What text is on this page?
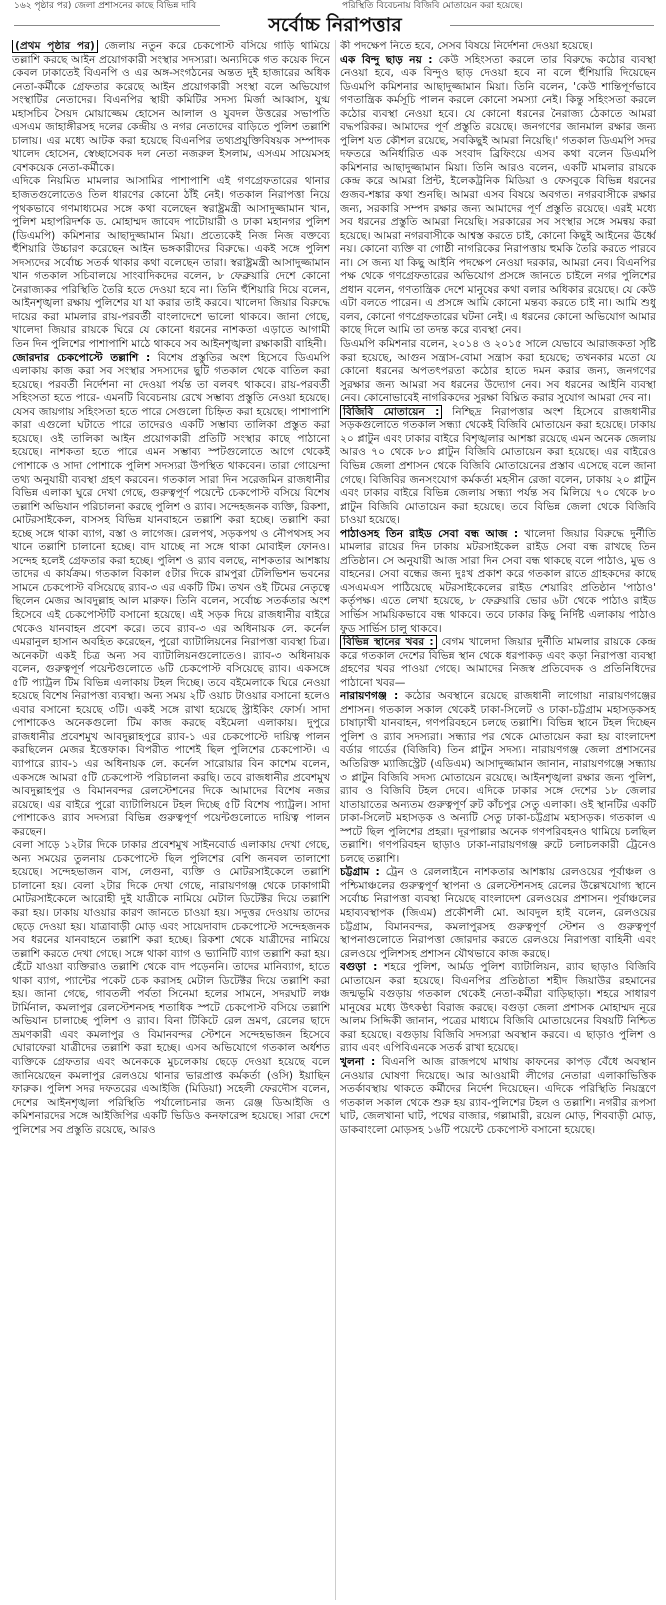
১৬২ পৃষ্ঠার পর) জেলা প্রশাসনের কাছে বিভিন্ন দাবি	পরিস্থিতি বিবেচনায় বিজিবি মোতায়েন করা হয়েছে।
সর্বোচ্চ নিরাপত্তার

(প্রথম পৃষ্ঠার পর) জেলায় নতুন করে চেকপোস্ট বসিয়ে গাড়ি থামিয়ে তল্লাশি করছে আইন প্রয়োগকারী সংস্থার সদস্যরা। অন্যদিকে গত কয়েক দিনে কেবল ঢাকাতেই বিএনপি ও এর অঙ্গ-সংগঠনের অন্তত দুই হাজারের অধিক নেতা-কর্মীকে গ্রেফতার করেছে আইন প্রয়োগকারী সংস্থা বলে অভিযোগ সংস্থাটির নেতাদের। বিএনপির স্থায়ী কমিটির সদস্য মির্জা আব্বাস, যুগ্ম মহাসচিব সৈয়দ মোয়াজ্জেম হোসেন আলাল ও যুবদল উত্তরের সভাপতি এসএম জাহাঙ্গীরসহ দলের কেন্দ্রীয় ও নগর নেতাদের বাড়িতে পুলিশ তল্লাশি চালায়। এর মধ্যে আটক করা হয়েছে বিএনপির তথ্যপ্রযুক্তিবিষয়ক সম্পাদক খালেদ হোসেন, স্বেচ্ছাসেবক দল নেতা নজরুল ইসলাম, এসএম সায়েমসহ বেশকয়েক নেতা-কর্মীকে।

এদিকে নিয়মিত মামলার আসামির পাশাপাশি এই গণগ্রেফতারের থানার হাজতগুলোতেও তিল ধারণের কোনো ঠাঁই নেই। গতকাল নিরাপত্তা নিয়ে পৃথকভাবে গণমাধ্যমের সঙ্গে কথা বলেছেন স্বরাষ্ট্রমন্ত্রী আসাদুজ্জামান খান, পুলিশ মহাপরিদর্শক ড. মোহাম্মদ জাবেদ পাটোয়ারী ও ঢাকা মহানগর পুলিশ (ডিএমপি) কমিশনার আছাদুজ্জামান মিয়া। প্রত্যেকেই নিজ নিজ বক্তব্যে হুঁশিয়ারি উচ্চারণ করেছেন আইন ভঙ্গকারীদের বিরুদ্ধে। একই সঙ্গে পুলিশ সদস্যদের সর্বোচ্চ সতর্ক থাকার কথা বলেছেন তারা। স্বরাষ্ট্রমন্ত্রী আসাদুজ্জামান খান গতকাল সচিবালয়ে সাংবাদিকদের বলেন, ৮ ফেব্রুয়ারি দেশে কোনো নৈরাজ্যকর পরিস্থিতি তৈরি হতে দেওয়া হবে না। তিনি হুঁশিয়ারি দিয়ে বলেন, আইনশৃঙ্খলা রক্ষায় পুলিশের যা যা করার তাই করবে। খালেদা জিয়ার বিরুদ্ধে দায়ের করা মামলার রায়-পরবর্তী বাংলাদেশে ভালো থাকবে। জানা গেছে, খালেদা জিয়ার রায়কে ঘিরে যে কোনো ধরনের নাশকতা এড়াতে আগামী তিন দিন পুলিশের পাশাপাশি মাঠে থাকবে সব আইনশৃঙ্খলা রক্ষাকারী বাহিনী।

জোরদার চেকপোস্টে তল্লাশি : বিশেষ প্রস্তুতির অংশ হিসেবে ডিএমপি এলাকায় কাজ করা সব সংস্থার সদস্যদের ছুটি গতকাল থেকে বাতিল করা হয়েছে। পরবর্তী নির্দেশনা না দেওয়া পর্যন্ত তা বলবৎ থাকবে। রায়-পরবর্তী সহিংসতা হতে পারে- এমনটি বিবেচনায় রেখে সম্ভাব্য প্রস্তুতি নেওয়া হয়েছে। যেসব জায়গায় সহিংসতা হতে পারে সেগুলো চিহ্নিত করা হয়েছে। পাশাপাশি কারা এগুলো ঘটাতে পারে তাদেরও একটি সম্ভাব্য তালিকা প্রস্তুত করা হয়েছে। ওই তালিকা আইন প্রয়োগকারী প্রতিটি সংস্থার কাছে পাঠানো হয়েছে। নাশকতা হতে পারে এমন সম্ভাব্য স্পটগুলোতে আগে থেকেই পোশাকে ও সাদা পোশাকে পুলিশ সদস্যরা উপস্থিত থাকবেন। তারা গোয়েন্দা তথ্য অনুযায়ী ব্যবস্থা গ্রহণ করবেন। গতকাল সারা দিন সরেজমিন রাজধানীর বিভিন্ন এলাকা ঘুরে দেখা গেছে, গুরুত্বপূর্ণ পয়েন্টে চেকপোস্ট বসিয়ে বিশেষ তল্লাশি অভিযান পরিচালনা করছে পুলিশ ও র‌্যাব। সন্দেহজনক ব্যক্তি, রিকশা, মোটরসাইকেল, বাসসহ বিভিন্ন যানবাহনে তল্লাশি করা হচ্ছে। তল্লাশি করা হচ্ছে সঙ্গে থাকা ব্যাগ, বস্তা ও লাগেজ। রেলপথ, সড়কপথ ও নৌপথসহ সব খানে তল্লাশি চালানো হচ্ছে। বাদ যাচ্ছে না সঙ্গে থাকা মোবাইল ফোনও। সন্দেহ হলেই গ্রেফতার করা হচ্ছে। পুলিশ ও র‌্যাব বলছে, নাশকতার আশঙ্কায় তাদের এ কার্যক্রম। গতকাল বিকাল ৫টার দিকে রামপুরা টেলিভিশন ভবনের সামনে চেকপোস্ট বসিয়েছে র‌্যাব-৩ এর একটি টিম। তখন ওই টিমের নেতৃত্বে ছিলেন মেজর আবদুল্লাহ আল মারুফ। তিনি বলেন, সর্বোচ্চ সতর্কতার অংশ হিসেবে এই চেকপোস্টটি বসানো হয়েছে। এই সড়ক দিয়ে রাজধানীর বাইরে থেকেও যানবাহন প্রবেশ করে। তবে র‌্যাব-৩ এর অধিনায়ক লে. কর্নেল এমরানুল হাসান অবহিত করেছেন, পুরো ব্যাটালিয়নের নিরাপত্তা ব্যবস্থা চিত্র। অনেকটা একই চিত্র অন্য সব ব্যাটালিয়নগুলোতেও। র‌্যাব-৩ অধিনায়ক বলেন, গুরুত্বপূর্ণ পয়েন্টগুলোতে ৬টি চেকপোস্ট বসিয়েছে র‌্যাব। একসঙ্গে ৫টি প্যাট্রল টিম বিভিন্ন এলাকায় টহল দিচ্ছে। তবে বইমেলাকে ঘিরে নেওয়া হয়েছে বিশেষ নিরাপত্তা ব্যবস্থা। অন্য সময় ২টি ওয়াচ টাওয়ার বসানো হলেও এবার বসানো হয়েছে ৩টি। একই সঙ্গে রাখা হয়েছে স্ট্রাইকিং ফোর্স। সাদা পোশাকেও অনেকগুলো টিম কাজ করছে বইমেলা এলাকায়। দুপুরে রাজধানীর প্রবেশমুখ আবদুল্লাহপুরে র‌্যাব-১ এর চেকপোস্টে দায়িত্ব পালন করছিলেন মেজর ইত্তেফাক। বিপরীত পাশেই ছিল পুলিশের চেকপোস্ট। এ ব্যাপারে র‌্যাব-১ এর অধিনায়ক লে. কর্নেল সারোয়ার বিন কাশেম বলেন, একসঙ্গে আমরা ৫টি চেকপোস্ট পরিচালনা করছি। তবে রাজধানীর প্রবেশমুখ আবদুল্লাহপুর ও বিমানবন্দর রেলস্টেশনের দিকে আমাদের বিশেষ নজর রয়েছে। এর বাইরে পুরো ব্যাটালিয়নে টহল দিচ্ছে ৫টি বিশেষ প্যাট্রল। সাদা পোশাকেও র‌্যাব সদস্যরা বিভিন্ন গুরুত্বপূর্ণ পয়েন্টগুলোতে দায়িত্ব পালন করছেন।

বেলা সাড়ে ১২টার দিকে ঢাকার প্রবেশমুখ সাইনবোর্ড এলাকায় দেখা গেছে, অন্য সময়ের তুলনায় চেকপোস্টে ছিল পুলিশের বেশি জনবল তালাশো হয়েছে। সন্দেহভাজন বাস, লেগুনা, ব্যক্তি ও মোটরসাইকেলে তল্লাশি চালানো হয়। বেলা ২টার দিকে দেখা গেছে, নারায়ণগঞ্জ থেকে ঢাকাগামী মোটরসাইকেলে আরোহী দুই যাত্রীকে নামিয়ে মেটাল ডিটেক্টর দিয়ে তল্লাশি করা হয়। ঢাকায় যাওয়ার কারণ জানতে চাওয়া হয়। সদুত্তর দেওয়ায় তাদের ছেড়ে দেওয়া হয়। যাত্রাবাড়ী মোড় এবং সায়েদাবাদ চেকপোস্টে সন্দেহজনক সব ধরনের যানবাহনে তল্লাশি করা হচ্ছে। রিকশা থেকে যাত্রীদের নামিয়ে তল্লাশি করতে দেখা গেছে। সঙ্গে থাকা ব্যাগ ও ভ্যানিটি ব্যাগ তল্লাশি করা হয়। হেঁটে যাওয়া ব্যক্তিরাও তল্লাশি থেকে বাদ পড়েননি। তাদের মানিব্যাগ, হাতে থাকা ব্যাগ, প্যান্টের পকেট চেক করাসহ মেটাল ডিটেক্টর দিয়ে তল্লাশি করা হয়। জানা গেছে, গাবতলী পর্বতা সিনেমা হলের সামনে, সদরঘাট লঞ্চ টার্মিনাল, কমলাপুর রেলস্টেশনসহ শতাধিক স্পটে চেকপোস্ট বসিয়ে তল্লাশি অভিযান চালাচ্ছে পুলিশ ও র‌্যাব। বিনা টিকিটে রেল ভ্রমণ, রেলের ছাদে ভ্রমণকারী এবং কমলাপুর ও বিমানবন্দর স্টেশনে সন্দেহভাজন হিসেবে ঘোরাফেরা যাত্রীদের তল্লাশি করা হচ্ছে। এসব অভিযোগে গতকাল অর্ধশত ব্যক্তিকে গ্রেফতার এবং অনেককে মুচলেকায় ছেড়ে দেওয়া হয়েছে বলে জানিয়েছেন কমলাপুর রেলওয়ে থানার ভারপ্রাপ্ত কর্মকর্তা (ওসি) ইয়াছিন ফারুক। পুলিশ সদর দফতরের এআইজি (মিডিয়া) সহেলী ফেরদৌস বলেন, দেশের আইনশৃঙ্খলা পরিস্থিতি পর্যালোচনার জন্য রেঞ্জ ডিআইজি ও কমিশনারদের সঙ্গে আইজিপির একটি ভিডিও কনফারেন্স হয়েছে। সারা দেশে পুলিশের সব প্রস্তুতি রয়েছে, আরও

কী পদক্ষেপ নিতে হবে, সেসব বিষয়ে নির্দেশনা দেওয়া হয়েছে।

এক বিন্দু ছাড় নয় : কেউ সহিংসতা করলে তার বিরুদ্ধে কঠোর ব্যবস্থা নেওয়া হবে, এক বিন্দুও ছাড় দেওয়া হবে না বলে হুঁশিয়ারি দিয়েছেন ডিএমপি কমিশনার আছাদুজ্জামান মিয়া। তিনি বলেন, 'কেউ শান্তিপূর্ণভাবে গণতান্ত্রিক কর্মসূচি পালন করলে কোনো সমস্যা নেই। কিন্তু সহিংসতা করলে কঠোর ব্যবস্থা নেওয়া হবে। যে কোনো ধরনের নৈরাজ্য ঠেকাতে আমরা বদ্ধপরিকর। আমাদের পূর্ণ প্রস্তুতি রয়েছে। জনগণের জানমাল রক্ষার জন্য পুলিশ যত কৌশল রয়েছে, সবকিছুই আমরা নিয়েছি।' গতকাল ডিএমপি সদর দফতরে অনির্ধারিত এক সংবাদ ব্রিফিংয়ে এসব কথা বলেন ডিএমপি কমিশনার আছাদুজ্জামান মিয়া। তিনি আরও বলেন, একটি মামলার রায়কে কেন্দ্র করে আমরা প্রিন্ট, ইলেকট্রনিক মিডিয়া ও ফেসবুকে বিভিন্ন ধরনের গুজব-শঙ্কার কথা শুনছি। আমরা এসব বিষয়ে অবগত। নগরবাসীকে রক্ষার জন্য, সরকারি সম্পদ রক্ষার জন্য আমাদের পূর্ণ প্রস্তুতি রয়েছে। এরই মধ্যে সব ধরনের প্রস্তুতি আমরা নিয়েছি। সরকারের সব সংস্থার সঙ্গে সমন্বয় করা হয়েছে। আমরা নগরবাসীকে আশ্বস্ত করতে চাই, কোনো কিছুই আইনের ঊর্ধ্বে নয়। কোনো ব্যক্তি বা গোষ্ঠী নাগরিকের নিরাপত্তায় হুমকি তৈরি করতে পারবে না। সে জন্য যা কিছু আইনি পদক্ষেপ নেওয়া দরকার, আমরা নেব। বিএনপির পক্ষ থেকে গণগ্রেফতারের অভিযোগ প্রসঙ্গে জানতে চাইলে নগর পুলিশের প্রধান বলেন, গণতান্ত্রিক দেশে মানুষের কথা বলার অধিকার রয়েছে। যে কেউ এটা বলতে পারেন। এ প্রসঙ্গে আমি কোনো মন্তব্য করতে চাই না। আমি শুধু বলব, কোনো গণগ্রেফতারের ঘটনা নেই। এ ধরনের কোনো অভিযোগ আমার কাছে দিলে আমি তা তদন্ত করে ব্যবস্থা নেব।

ডিএমপি কমিশনার বলেন, ২০১৪ ও ২০১৫ সালে যেভাবে আরাজকতা সৃষ্টি করা হয়েছে, আগুন সন্ত্রাস-বোমা সন্ত্রাস করা হয়েছে; তখনকার মতো যে কোনো ধরনের অপতৎপরতা কঠোর হাতে দমন করার জন্য, জনগণের সুরক্ষার জন্য আমরা সব ধরনের উদ্যোগ নেব। সব ধরনের আইনি ব্যবস্থা নেব। কোনোভাবেই নাগরিকদের সুরক্ষা বিঘ্নিত করার সুযোগ আমরা দেব না।

বিজিবি মোতায়েন : নিশ্ছিদ্র নিরাপত্তার অংশ হিসেবে রাজধানীর সড়কগুলোতে গতকাল সন্ধ্যা থেকেই বিজিবি মোতায়েন করা হয়েছে। ঢাকায় ২০ প্লাটুন এবং ঢাকার বাইরে বিশৃঙ্খলার আশঙ্কা রয়েছে এমন অনেক জেলায় আরও ৭০ থেকে ৮০ প্লাটুন বিজিবি মোতায়েন করা হয়েছে। এর বাইরেও বিভিন্ন জেলা প্রশাসন থেকে বিজিবি মোতায়েনের প্রস্তাব এসেছে বলে জানা গেছে। বিজিবির জনসংযোগ কর্মকর্তা মহসীন রেজা বলেন, ঢাকায় ২০ প্লাটুন এবং ঢাকার বাইরে বিভিন্ন জেলায় সন্ধ্যা পর্যন্ত সব মিলিয়ে ৭০ থেকে ৮০ প্লাটুন বিজিবি মোতায়েন করা হয়েছে। তবে বিভিন্ন জেলা থেকে বিজিবি চাওয়া হয়েছে।

পাঠাওসহ তিন রাইড সেবা বন্ধ আজ : খালেদা জিয়ার বিরুদ্ধে দুর্নীতি মামলার রায়ের দিন ঢাকায় মটরসাইকেল রাইড সেবা বন্ধ রাখছে তিন প্রতিষ্ঠান। সে অনুযায়ী আজ সারা দিন সেবা বন্ধ থাকছে বলে পাঠাও, মুভ ও বাহনের। সেবা বন্ধের জন্য দুঃখ প্রকাশ করে গতকাল রাতে গ্রাহকদের কাছে এসএমএস পাঠিয়েছে মটরসাইকেলের রাইড শেয়ারিং প্রতিষ্ঠান 'পাঠাও' কর্তৃপক্ষ। এতে লেখা হয়েছে, ৮ ফেব্রুয়ারি ভোর ৬টা থেকে পাঠাও রাইড সার্ভিস সাময়িকভাবে বন্ধ থাকবে। তবে ঢাকার কিছু নির্দিষ্ট এলাকায় পাঠাও ফুড সার্ভিস চালু থাকবে।

বিভিন্ন স্থানের খবর : বেগম খালেদা জিয়ার দুর্নীতি মামলার রায়কে কেন্দ্র করে গতকাল দেশের বিভিন্ন স্থান থেকে ধরপাকড় এবং কড়া নিরাপত্তা ব্যবস্থা গ্রহণের খবর পাওয়া গেছে। আমাদের নিজস্ব প্রতিবেদক ও প্রতিনিধিদের পাঠানো খবর—

নারায়ণগঞ্জ : কঠোর অবস্থানে রয়েছে রাজধানী লাগোয়া নারায়ণগঞ্জের প্রশাসন। গতকাল সকাল থেকেই ঢাকা-সিলেট ও ঢাকা-চট্টগ্রাম মহাসড়কসহ চাষাঢ়াখী যানবাহন, গণপরিবহনে চলছে তল্লাশি। বিভিন্ন স্থানে টহল দিচ্ছেন পুলিশ ও র‌্যাব সদস্যরা। সন্ধ্যার পর থেকে মোতায়েন করা হয় বাংলাদেশ বর্ডার গার্ডের (বিজিবি) তিন প্লাটুন সদস্য। নারায়ণগঞ্জ জেলা প্রশাসনের অতিরিক্ত ম্যাজিস্ট্রেট (এডিএম) আসাদুজ্জামান জানান, নারায়ণগঞ্জে সন্ধ্যায় ৩ প্লাটুন বিজিবি সদস্য মোতায়েন রয়েছে। আইনশৃঙ্খলা রক্ষার জন্য পুলিশ, র‌্যাব ও বিজিবি টহল দেবে। এদিকে ঢাকার সঙ্গে দেশের ১৮ জেলার যাতায়াতের অন্যতম গুরুত্বপূর্ণ রুট কাঁচপুর সেতু এলাকা। ওই স্থানটির একটি ঢাকা-সিলেট মহাসড়ক ও অন্যটি সেতু ঢাকা-চট্টগ্রাম মহাসড়ক। গতকাল এ স্পটে ছিল পুলিশের প্রহরা। দূরপাল্লার অনেক গণপরিবহনও থামিয়ে চলছিল তল্লাশি। গণপরিবহন ছাড়াও ঢাকা-নারায়ণগঞ্জ রুটে চলাচলকারী ট্রেনেও চলছে তল্লাশি।

চট্টগ্রাম : ট্রেন ও রেললাইনে নাশকতার আশঙ্কায় রেলওয়ের পূর্বাঞ্চল ও পশ্চিমাঞ্চলের গুরুত্বপূর্ণ স্থাপনা ও রেলস্টেশনসহ রেলের উল্লেখযোগ্য স্থানে সর্বোচ্চ নিরাপত্তা ব্যবস্থা নিয়েছে বাংলাদেশ রেলওয়ের প্রশাসন। পূর্বাঞ্চলের মহাব্যবস্থাপক (জিএম) প্রকৌশলী মো. আবদুল হাই বলেন, রেলওয়ের চট্টগ্রাম, বিমানবন্দর, কমলাপুরসহ গুরুত্বপূর্ণ স্টেশন ও গুরুত্বপূর্ণ স্থাপনাগুলোতে নিরাপত্তা জোরদার করতে রেলওয়ে নিরাপত্তা বাহিনী এবং রেলওয়ে পুলিশসহ প্রশাসন যৌথভাবে কাজ করছে।

বগুড়া : শহরে পুলিশ, আর্মড পুলিশ ব্যাটালিয়ন, র‌্যাব ছাড়াও বিজিবি মোতায়েন করা হয়েছে। বিএনপির প্রতিষ্ঠাতা শহীদ জিয়াউর রহমানের জন্মভূমি বগুড়ায় গতকাল থেকেই নেতা-কর্মীরা বাড়িছাড়া। শহরে সাধারণ মানুষের মধ্যে উৎকণ্ঠা বিরাজ করছে। বগুড়া জেলা প্রশাসক মোহাম্মদ নূরে আলম সিদ্দিকী জানান, পত্রের মাধ্যমে বিজিবি মোতায়েনের বিষয়টি নিশ্চিত করা হয়েছে। বগুড়ায় বিজিবি সদস্যরা অবস্থান করবে। এ ছাড়াও পুলিশ ও র‌্যাব এবং এপিবিএনকে সতর্ক রাখা হয়েছে।

খুলনা : বিএনপি আজ রাজপথে মাথায় কাফনের কাপড় বেঁধে অবস্থান নেওয়ার ঘোষণা দিয়েছে। আর আওয়ামী লীগের নেতারা এলাকাভিত্তিক সতর্কাবস্থায় থাকতে কর্মীদের নির্দেশ দিয়েছেন। এদিকে পরিস্থিতি নিয়ন্ত্রণে গতকাল সকাল থেকে শুরু হয় র‌্যাব-পুলিশের টহল ও তল্লাশি। নগরীর রূপসা ঘাট, জেলখানা ঘাট, পথের বাজার, গল্লামারী, রয়েল মোড়, শিববাড়ী মোড়, ডাকবাংলো মোড়সহ ১৬টি পয়েন্টে চেকপোস্ট বসানো হয়েছে।
